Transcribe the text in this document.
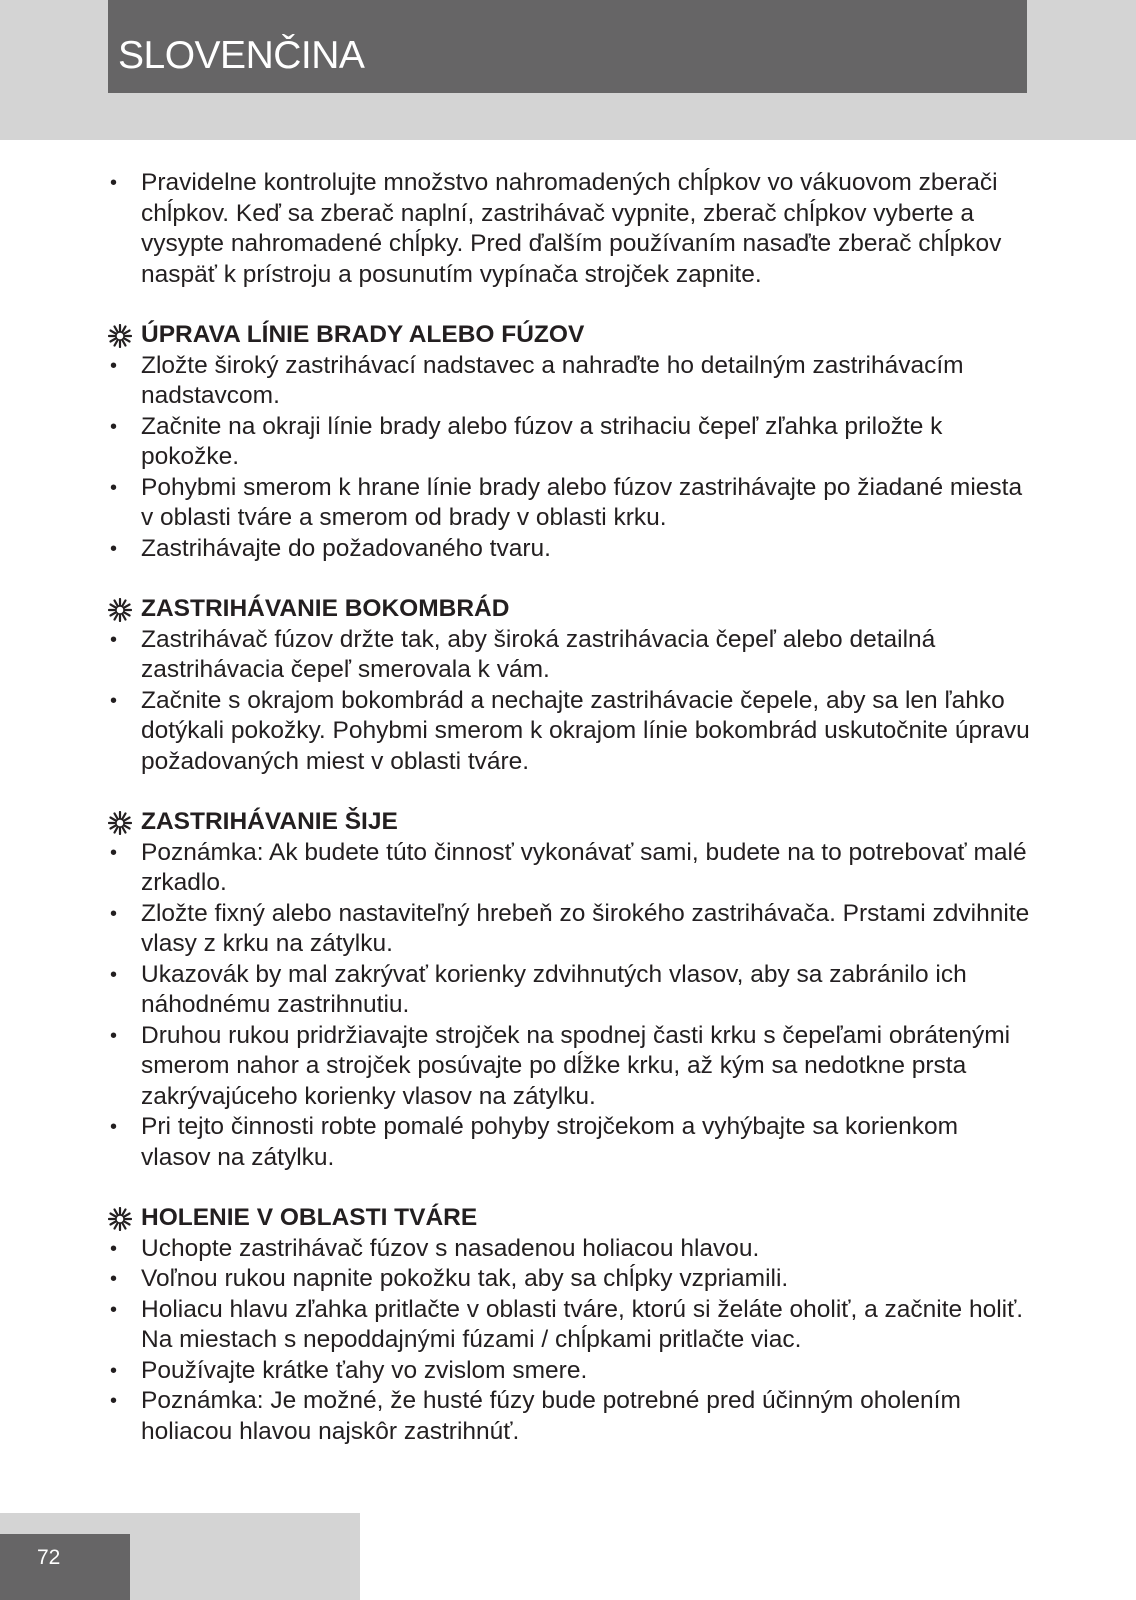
SLOVENČINA
• Pravidelne kontrolujte množstvo nahromadených chĺpkov vo vákuovom zberači chĺpkov. Keď sa zberač naplní, zastrihávač vypnite, zberač chĺpkov vyberte a vysypte nahromadené chĺpky. Pred ďalším používaním nasaďte zberač chĺpkov naspäť k prístroju a posunutím vypínača strojček zapnite.
ÚPRAVA LÍNIE BRADY ALEBO FÚZOV
• Zložte široký zastrihávací nadstavec a nahraďte ho detailným zastrihávacím nadstavcom.
• Začnite na okraji línie brady alebo fúzov a strihaciu čepeľ zľahka priložte k pokožke.
• Pohybmi smerom k hrane línie brady alebo fúzov zastrihávajte po žiadané miesta v oblasti tváre a smerom od brady v oblasti krku.
• Zastrihávajte do požadovaného tvaru.
ZASTRIHÁVANIE BOKOMBRÁD
• Zastrihávač fúzov držte tak, aby široká zastrihávacia čepeľ alebo detailná zastrihávacia čepeľ smerovala k vám.
• Začnite s okrajom bokombrád a nechajte zastrihávacie čepele, aby sa len ľahko dotýkali pokožky. Pohybmi smerom k okrajom línie bokombrád uskutočnite úpravu požadovaných miest v oblasti tváre.
ZASTRIHÁVANIE ŠIJE
• Poznámka: Ak budete túto činnosť vykonávať sami, budete na to potrebovať malé zrkadlo.
• Zložte fixný alebo nastaviteľný hrebeň zo širokého zastrihávača. Prstami zdvihnite vlasy z krku na zátylku.
• Ukazovák by mal zakrývať korienky zdvihnutých vlasov, aby sa zabránilo ich náhodnému zastrihnutiu.
• Druhou rukou pridržiavajte strojček na spodnej časti krku s čepeľami obrátenými smerom nahor a strojček posúvajte po dĺžke krku, až kým sa nedotkne prsta zakrývajúceho korienky vlasov na zátylku.
• Pri tejto činnosti robte pomalé pohyby strojčekom a vyhýbajte sa korienkom vlasov na zátylku.
HOLENIE V OBLASTI TVÁRE
• Uchopte zastrihávač fúzov s nasadenou holiacou hlavou.
• Voľnou rukou napnite pokožku tak, aby sa chĺpky vzpriamili.
• Holiacu hlavu zľahka pritlačte v oblasti tváre, ktorú si želáte oholiť, a začnite holiť. Na miestach s nepoddajnými fúzami / chĺpkami pritlačte viac.
• Používajte krátke ťahy vo zvislom smere.
• Poznámka: Je možné, že husté fúzy bude potrebné pred účinným oholením holiacou hlavou najskôr zastrihnúť.
72
